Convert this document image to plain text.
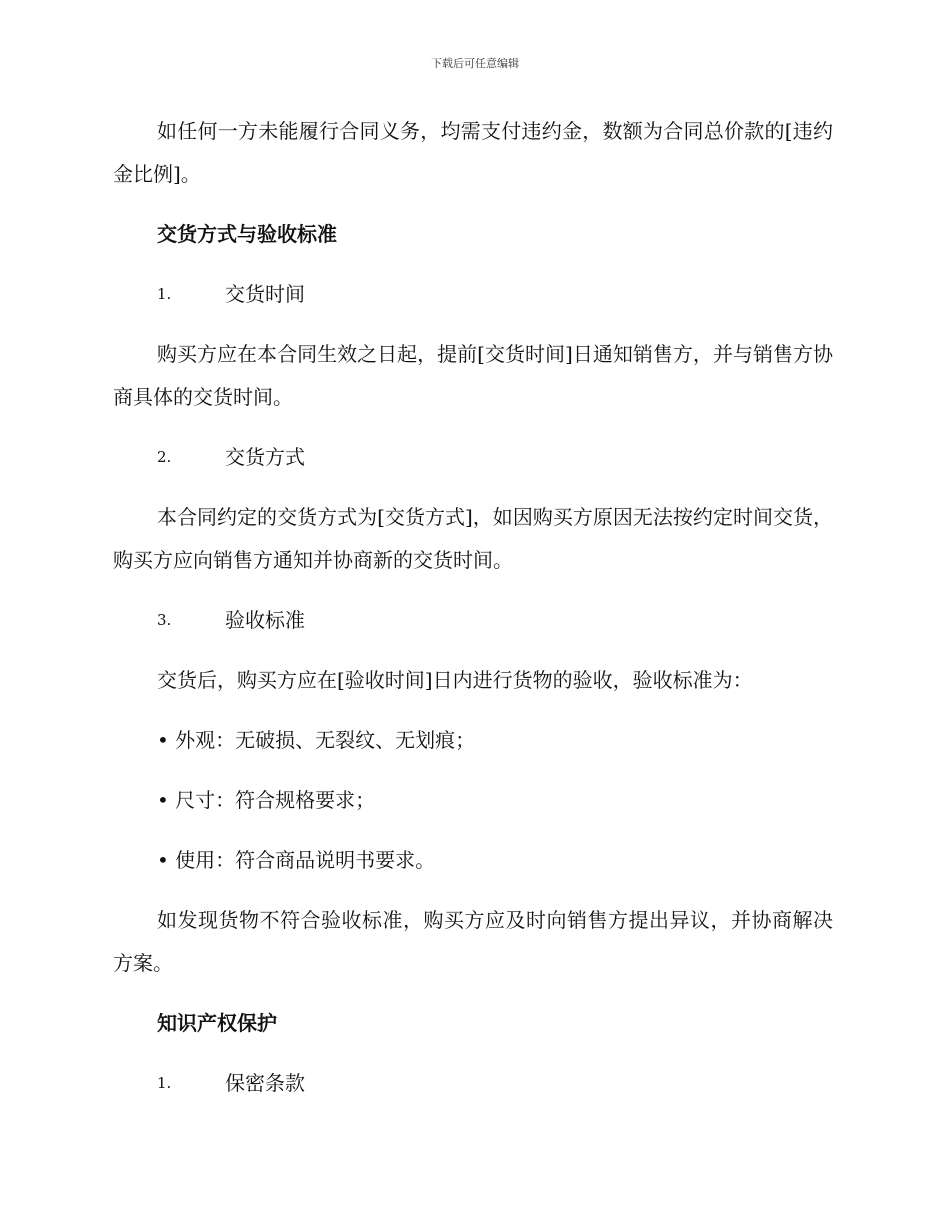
下载后可任意编辑

如任何一方未能履行合同义务，均需支付违约金，数额为合同总价款的[违约金比例]。

交货方式与验收标准
1.	交货时间

购买方应在本合同生效之日起，提前[交货时间]日通知销售方，并与销售方协商具体的交货时间。

2.	交货方式

本合同约定的交货方式为[交货方式]，如因购买方原因无法按约定时间交货，购买方应向销售方通知并协商新的交货时间。

3.	验收标准

交货后，购买方应在[验收时间]日内进行货物的验收，验收标准为：

• 外观：无破损、无裂纹、无划痕；
• 尺寸：符合规格要求；
• 使用：符合商品说明书要求。

如发现货物不符合验收标准，购买方应及时向销售方提出异议，并协商解决方案。

知识产权保护
1.	保密条款
